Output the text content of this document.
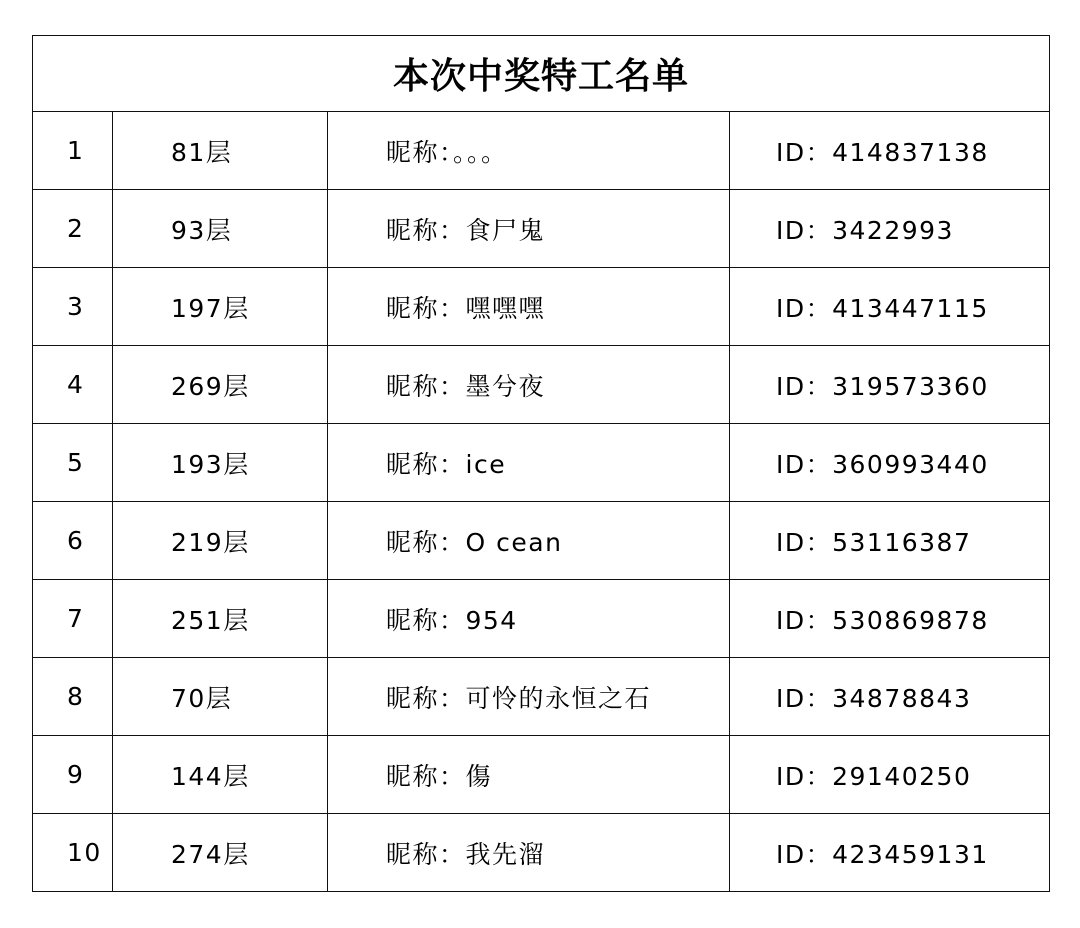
本次中奖特工名单
1	81层	昵称：。。。	ID：414837138
2	93层	昵称：食尸鬼	ID：3422993
3	197层	昵称：嘿嘿嘿	ID：413447115
4	269层	昵称：墨兮夜	ID：319573360
5	193层	昵称：ice	ID：360993440
6	219层	昵称：O cean	ID：53116387
7	251层	昵称：954	ID：530869878
8	70层	昵称：可怜的永恒之石	ID：34878843
9	144层	昵称：傷	ID：29140250
10	274层	昵称：我先溜	ID：423459131
